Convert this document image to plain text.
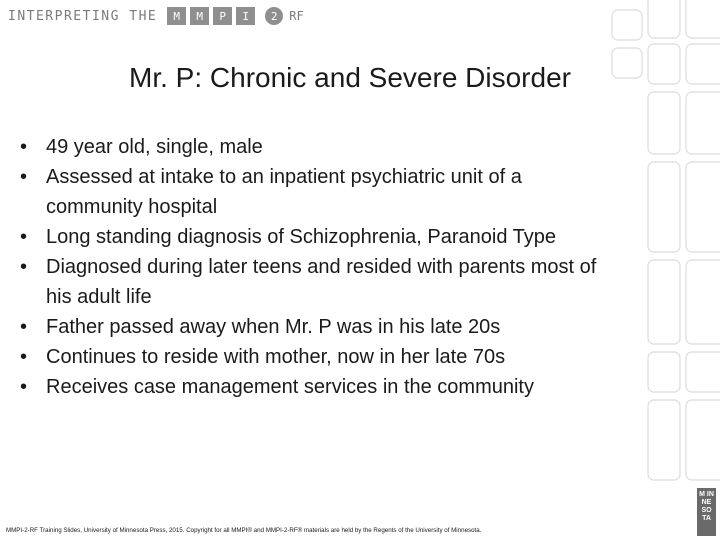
INTERPRETING THE	M	M	P	I	2 RF
Mr. P: Chronic and Severe Disorder
• 49 year old, single, male
• Assessed at intake to an inpatient psychiatric unit of a community hospital
• Long standing diagnosis of Schizophrenia, Paranoid Type
• Diagnosed during later teens and resided with parents most of his adult life
• Father passed away when Mr. P was in his late 20s
• Continues to reside with mother, now in her late 70s
• Receives case management services in the community
MMPI-2-RF Training Slides, University of Minnesota Press, 2015. Copyright for all MMPI® and MMPI-2-RF® materials are held by the Regents of the University of Minnesota.
M IN NE SO TA
